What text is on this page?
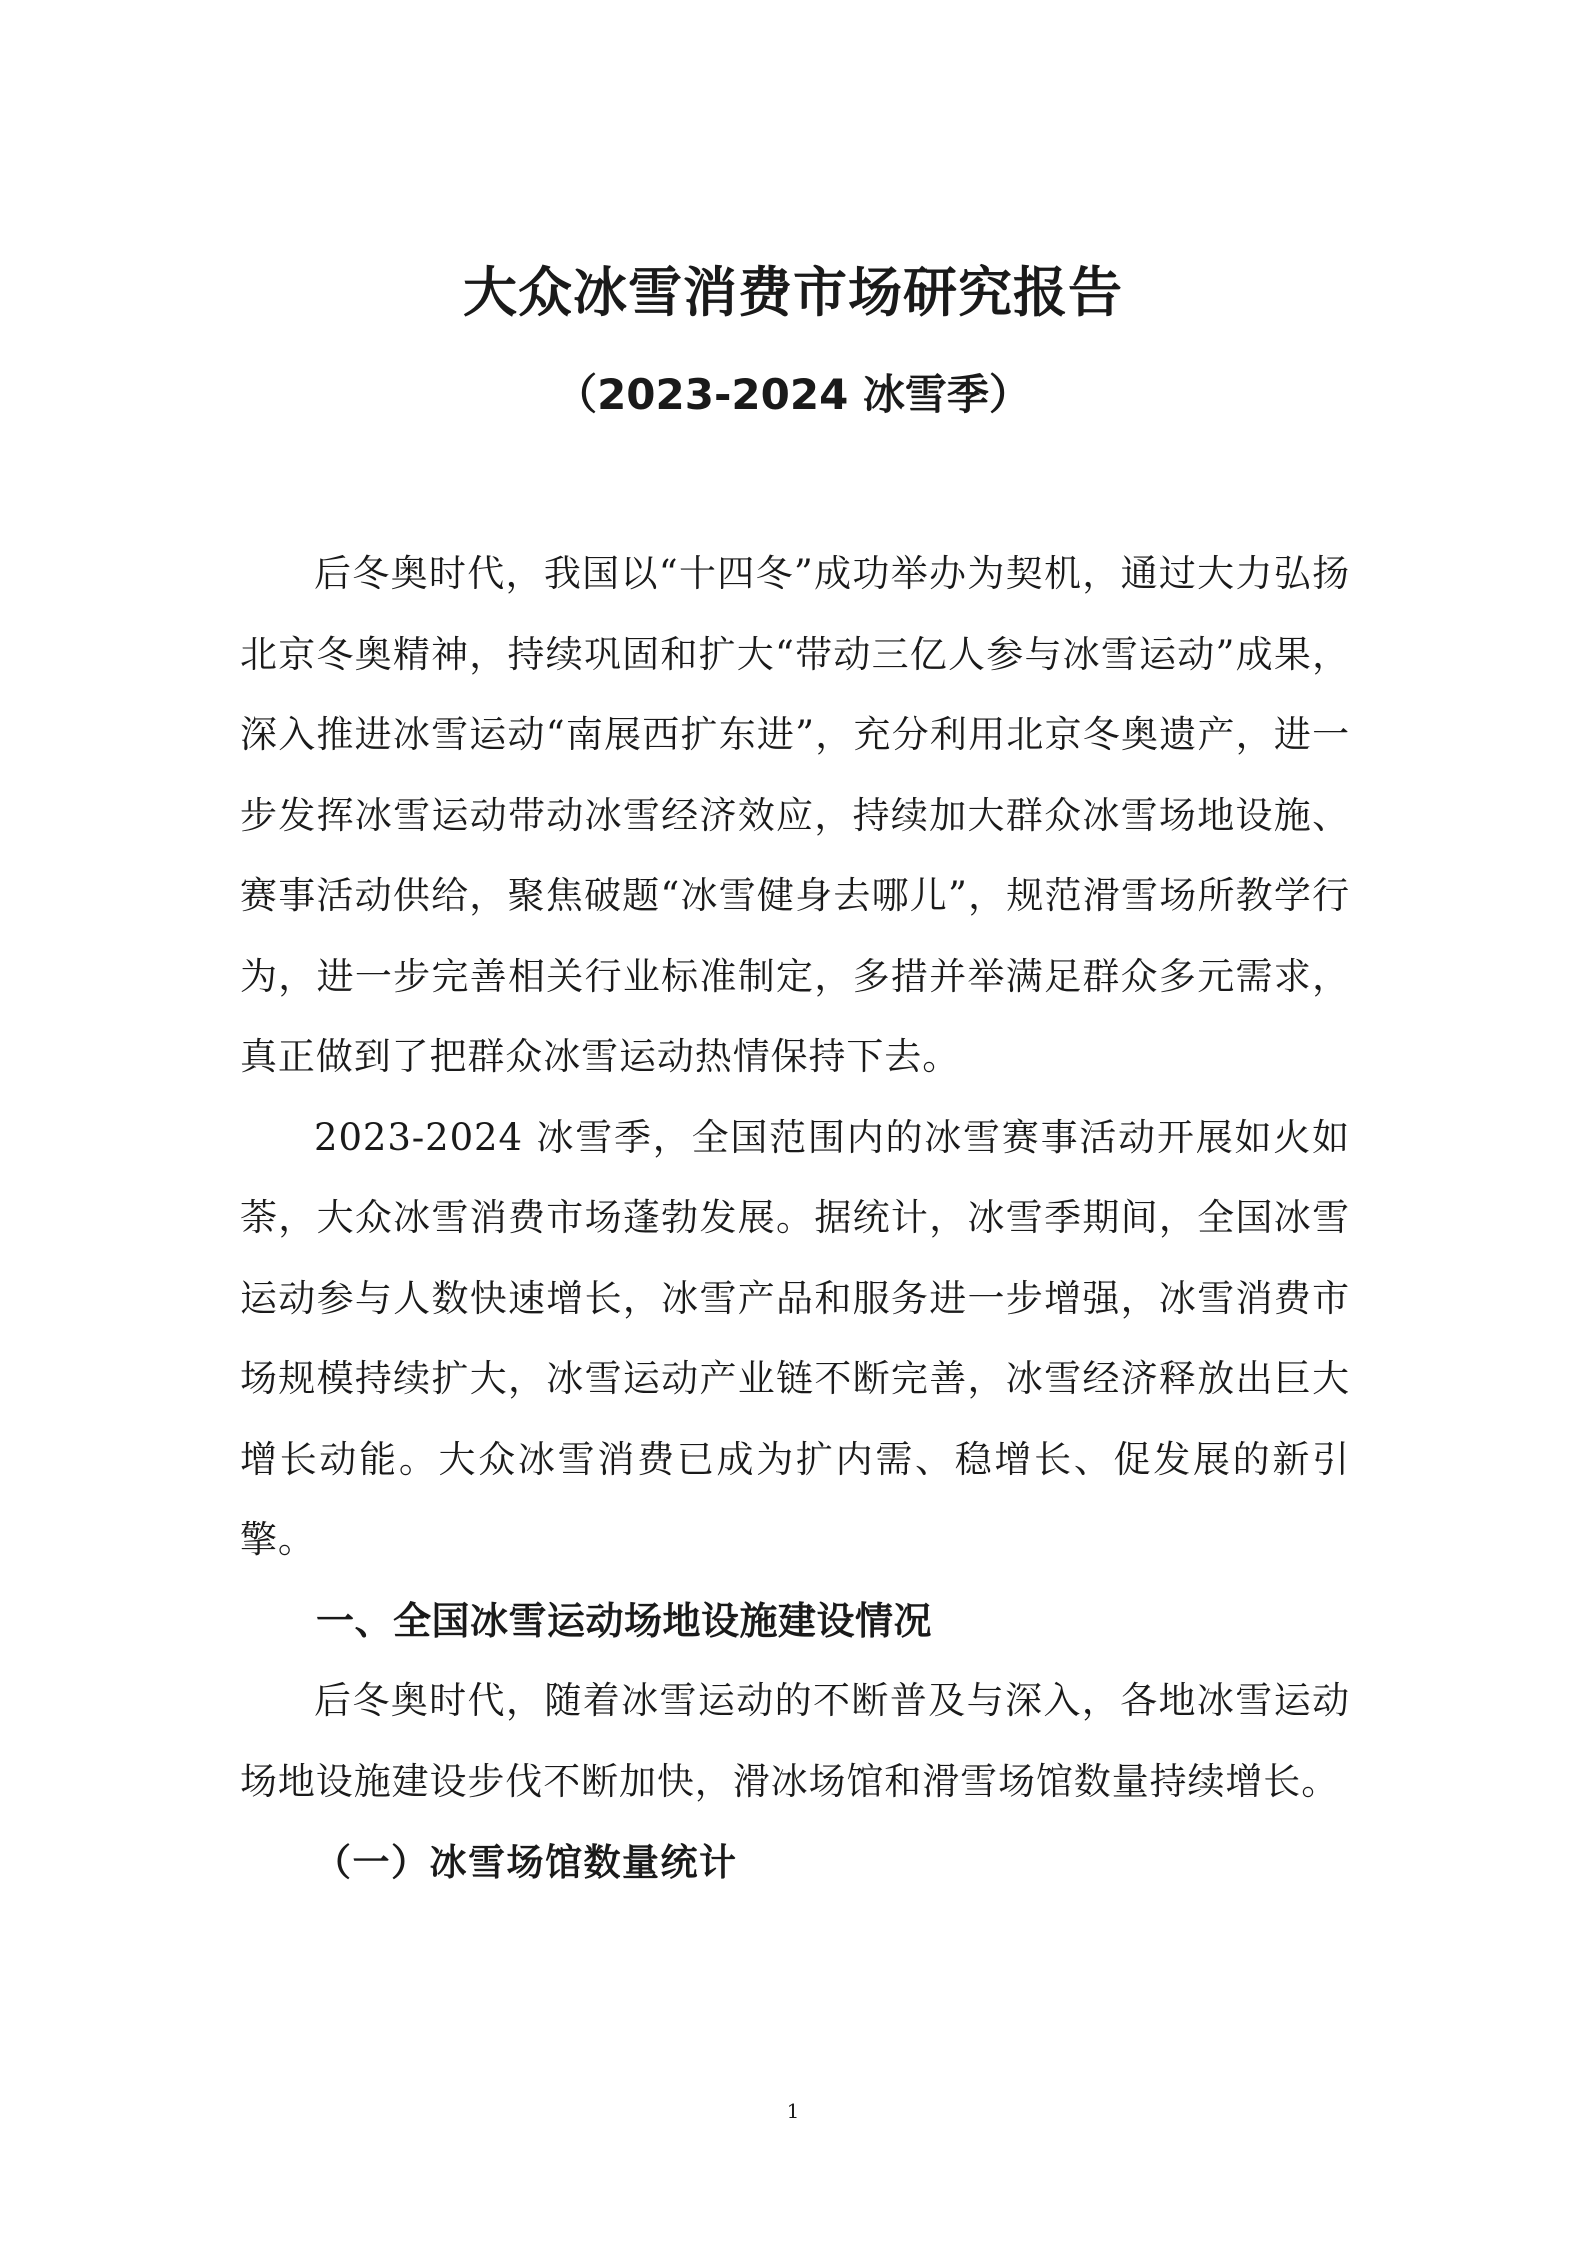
大众冰雪消费市场研究报告
（2023-2024 冰雪季）

后冬奥时代，我国以“十四冬”成功举办为契机，通过大力弘扬北京冬奥精神，持续巩固和扩大“带动三亿人参与冰雪运动”成果，深入推进冰雪运动“南展西扩东进”，充分利用北京冬奥遗产，进一步发挥冰雪运动带动冰雪经济效应，持续加大群众冰雪场地设施、赛事活动供给，聚焦破题“冰雪健身去哪儿”，规范滑雪场所教学行为，进一步完善相关行业标准制定，多措并举满足群众多元需求，真正做到了把群众冰雪运动热情保持下去。

2023-2024 冰雪季，全国范围内的冰雪赛事活动开展如火如荼，大众冰雪消费市场蓬勃发展。据统计，冰雪季期间，全国冰雪运动参与人数快速增长，冰雪产品和服务进一步增强，冰雪消费市场规模持续扩大，冰雪运动产业链不断完善，冰雪经济释放出巨大增长动能。大众冰雪消费已成为扩内需、稳增长、促发展的新引擎。

一、全国冰雪运动场地设施建设情况

后冬奥时代，随着冰雪运动的不断普及与深入，各地冰雪运动场地设施建设步伐不断加快，滑冰场馆和滑雪场馆数量持续增长。

（一）冰雪场馆数量统计
1
